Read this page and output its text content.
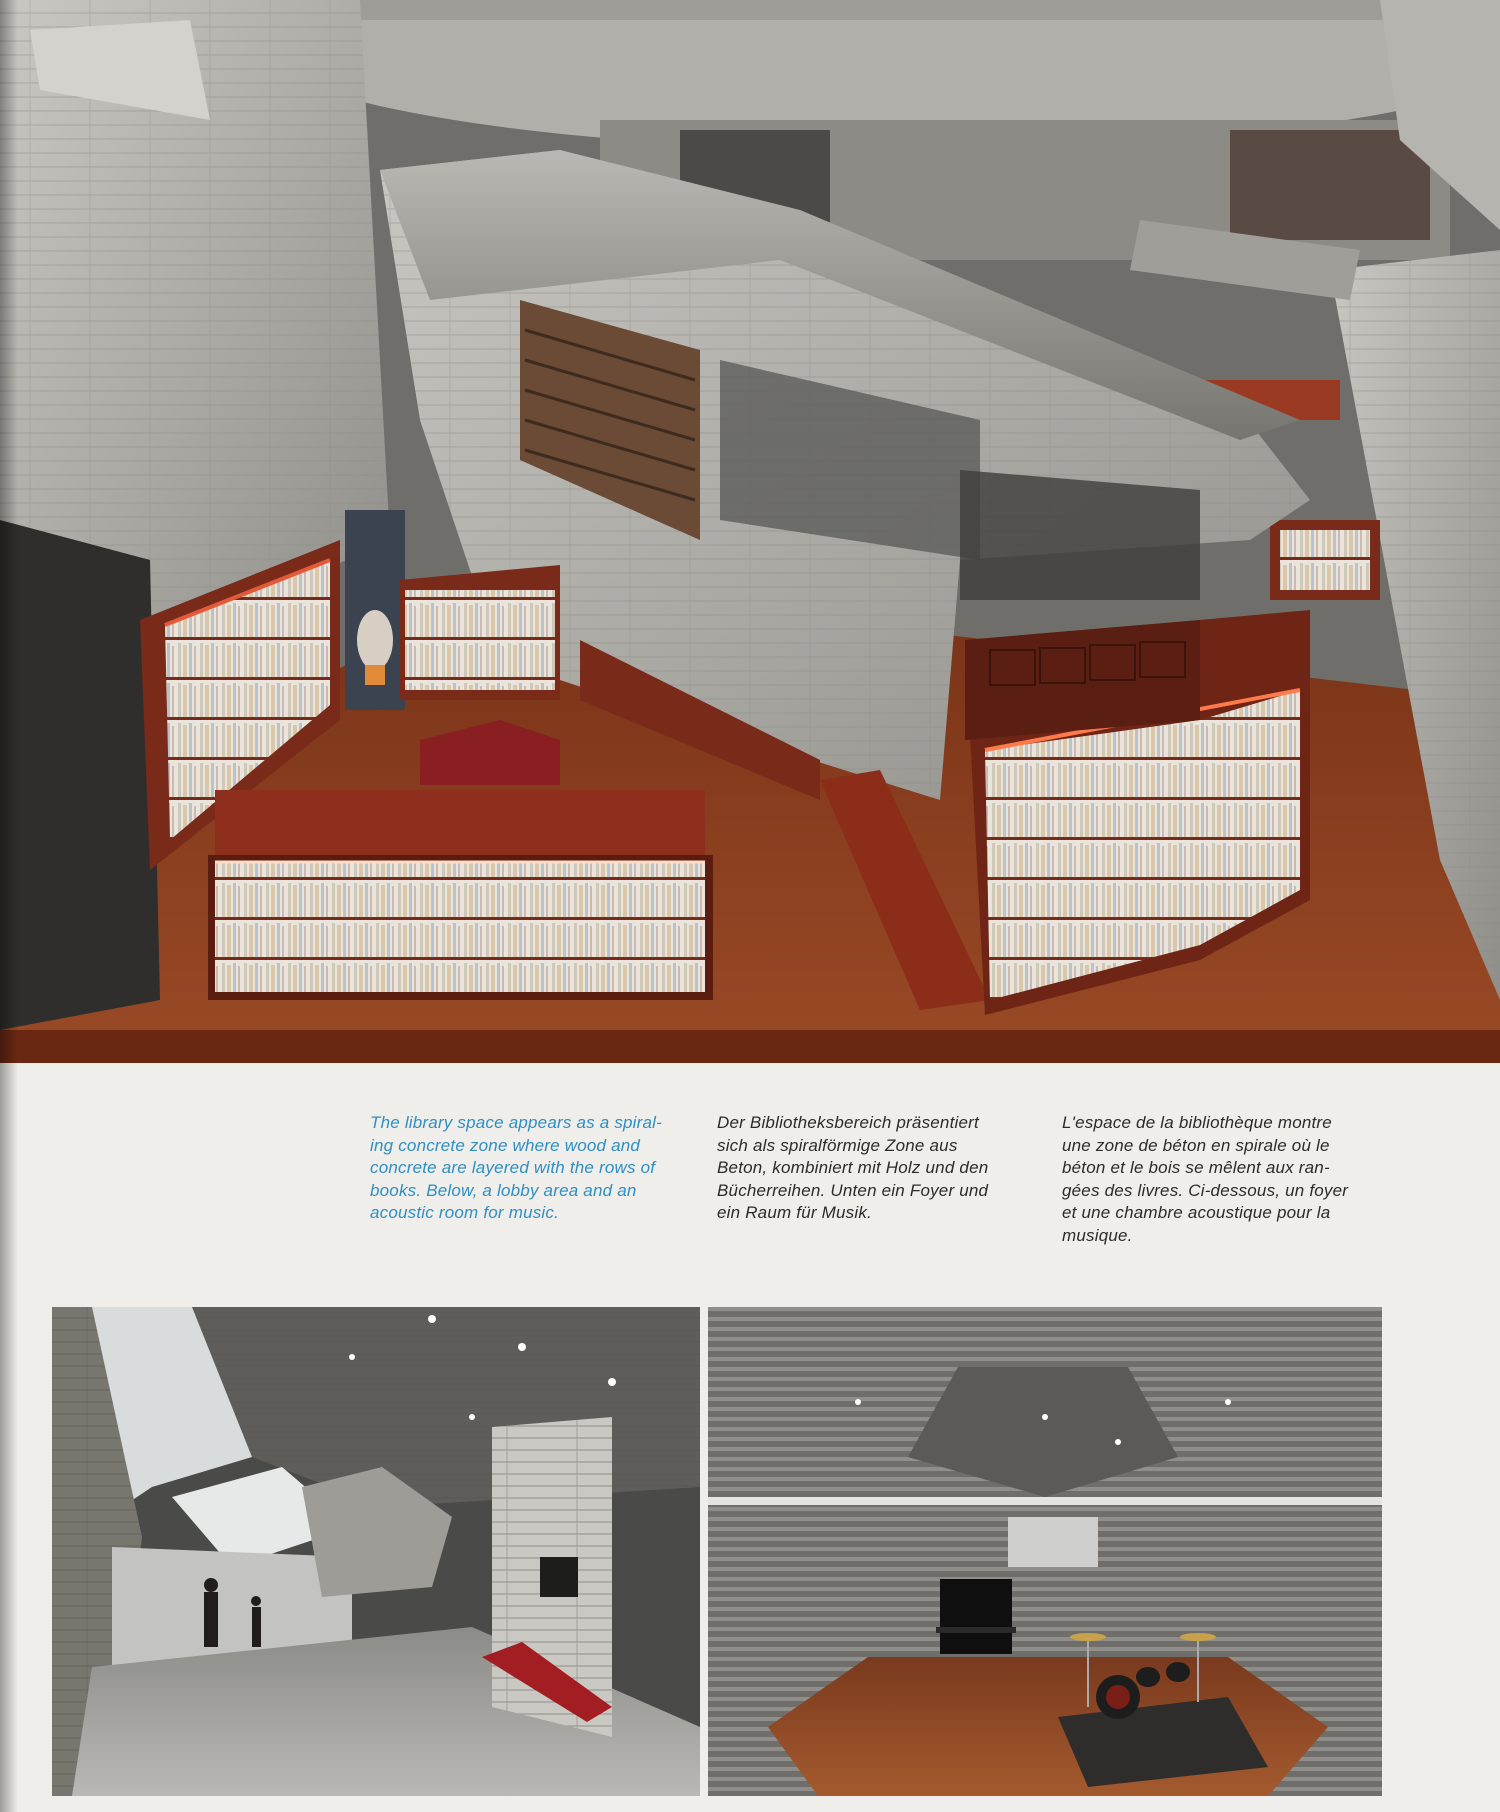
The library space appears as a spiral-
ing concrete zone where wood and
concrete are layered with the rows of
books. Below, a lobby area and an
acoustic room for music.
Der Bibliotheksbereich präsentiert
sich als spiralförmige Zone aus
Beton, kombiniert mit Holz und den
Bücherreihen. Unten ein Foyer und
ein Raum für Musik.
L'espace de la bibliothèque montre
une zone de béton en spirale où le
béton et le bois se mêlent aux ran-
gées des livres. Ci-dessous, un foyer
et une chambre acoustique pour la
musique.
